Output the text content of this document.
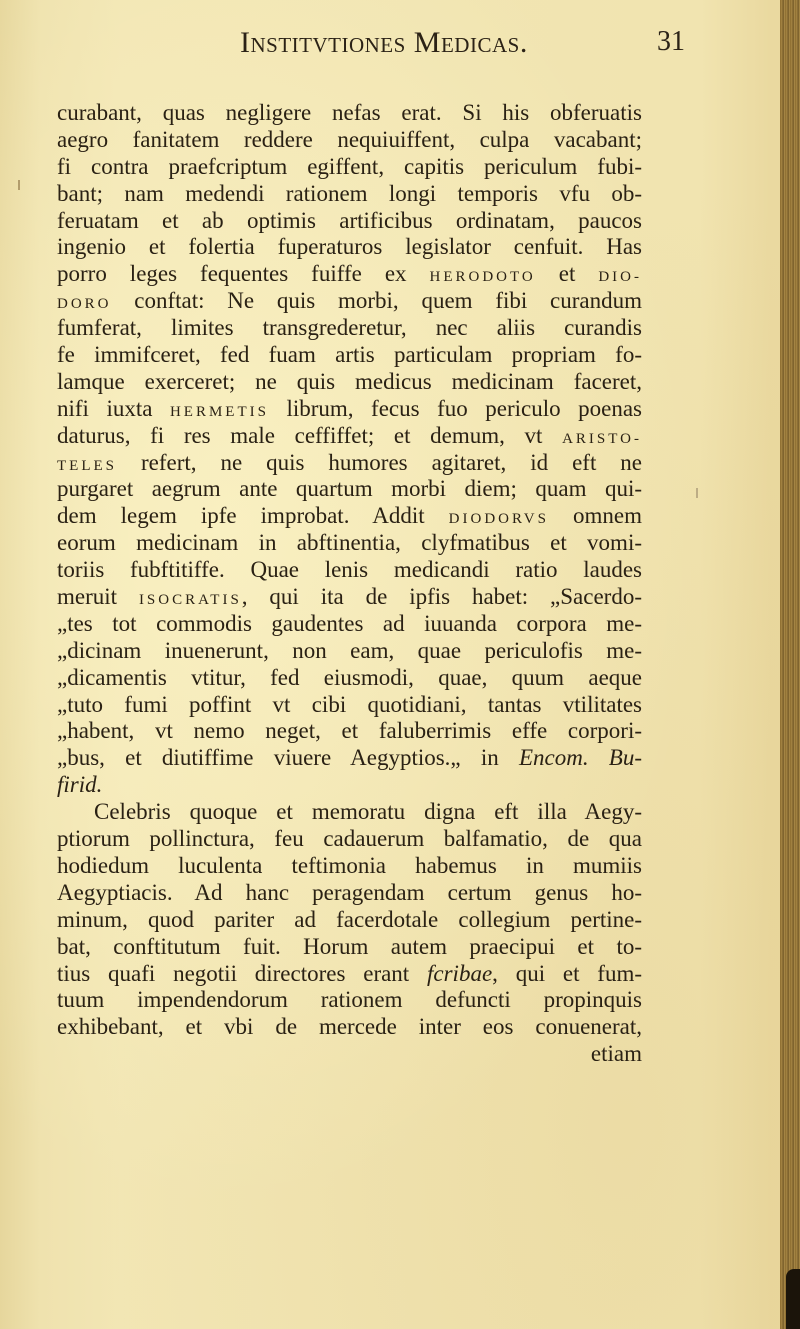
Institvtiones Medicas.	31
curabant, quas negligere nefas erat. Si his obferuatis
aegro fanitatem reddere nequiuiffent, culpa vacabant;
fi contra praefcriptum egiffent, capitis periculum fubi-
bant; nam medendi rationem longi temporis vfu ob-
feruatam et ab optimis artificibus ordinatam, paucos
ingenio et folertia fuperaturos legislator cenfuit. Has
porro leges fequentes fuiffe ex HERODOTO et DIO-
DORO conftat: Ne quis morbi, quem fibi curandum
fumferat, limites transgrederetur, nec aliis curandis
fe immifceret, fed fuam artis particulam propriam fo-
lamque exerceret; ne quis medicus medicinam faceret,
nifi iuxta HERMETIS librum, fecus fuo periculo poenas
daturus, fi res male ceffiffet; et demum, vt ARISTO-
TELES refert, ne quis humores agitaret, id eft ne
purgaret aegrum ante quartum morbi diem; quam qui-
dem legem ipfe improbat. Addit DIODORVS omnem
eorum medicinam in abftinentia, clyfmatibus et vomi-
toriis fubftitiffe. Quae lenis medicandi ratio laudes
meruit ISOCRATIS, qui ita de ipfis habet: „Sacerdo-
„tes tot commodis gaudentes ad iuuanda corpora me-
„dicinam inuenerunt, non eam, quae periculofis me-
„dicamentis vtitur, fed eiusmodi, quae, quum aeque
„tuto fumi poffint vt cibi quotidiani, tantas vtilitates
„habent, vt nemo neget, et faluberrimis effe corpori-
„bus, et diutiffime viuere Aegyptios.„ in Encom. Bu-
firid.
Celebris quoque et memoratu digna eft illa Aegy-
ptiorum pollinctura, feu cadauerum balfamatio, de qua
hodiedum luculenta teftimonia habemus in mumiis
Aegyptiacis. Ad hanc peragendam certum genus ho-
minum, quod pariter ad facerdotale collegium pertine-
bat, conftitutum fuit. Horum autem praecipui et to-
tius quafi negotii directores erant fcribae, qui et fum-
tuum impendendorum rationem defuncti propinquis
exhibebant, et vbi de mercede inter eos conuenerat,
etiam
